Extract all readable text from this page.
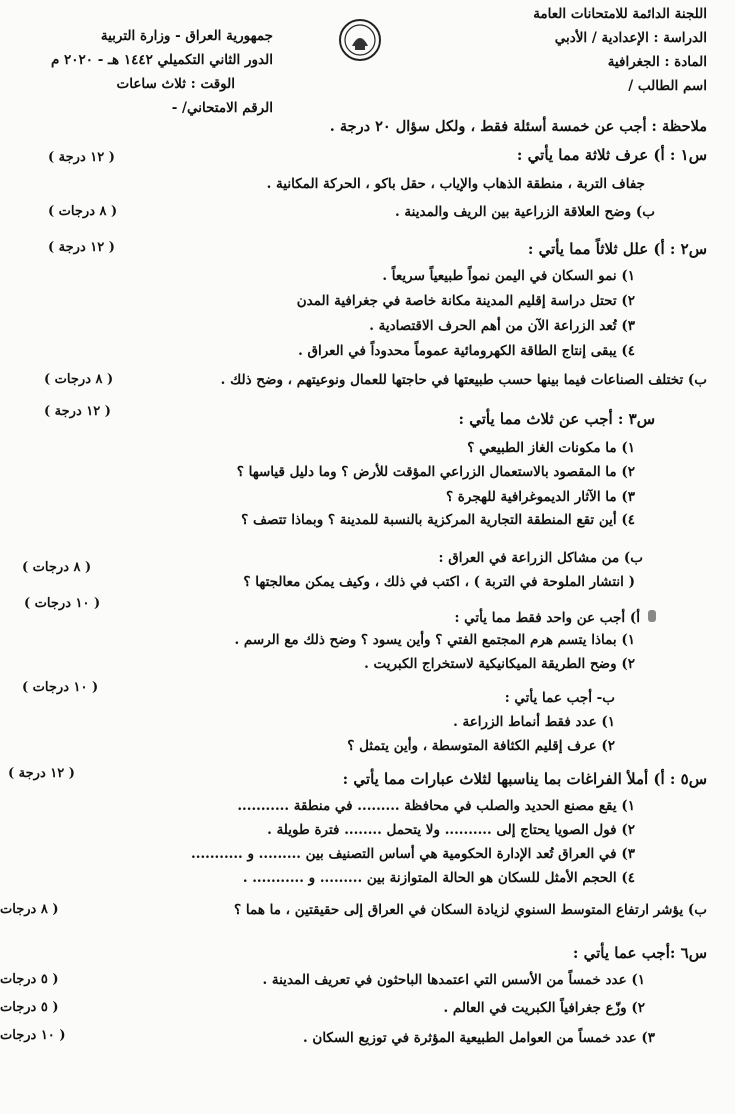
اللجنة الدائمة للامتحانات العامة
الدراسة : الإعدادية / الأدبي
المادة : الجغرافية
اسم الطالب /
جمهورية العراق - وزارة التربية
الدور الثاني التكميلي ١٤٤٢ هـ - ٢٠٢٠ م
الوقت : ثلاث ساعات
الرقم الامتحاني/ -
ملاحظة : أجب عن خمسة أسئلة فقط ، ولكل سؤال ٢٠ درجة .
س١ : أ) عرف ثلاثة مما يأتي :
( ١٢ درجة )
جفاف التربة ، منطقة الذهاب والإياب ، حقل باكو ، الحركة المكانية .
ب) وضح العلاقة الزراعية بين الريف والمدينة .
( ٨ درجات )
س٢ : أ) علل ثلاثاً مما يأتي :
( ١٢ درجة )
١) نمو السكان في اليمن نمواً طبيعياً سريعاً .
٢) تحتل دراسة إقليم المدينة مكانة خاصة في جغرافية المدن
٣) تُعد الزراعة الآن من أهم الحرف الاقتصادية .
٤) يبقى إنتاج الطاقة الكهرومائية عموماً محدوداً في العراق .
ب) تختلف الصناعات فيما بينها حسب طبيعتها في حاجتها للعمال ونوعيتهم ، وضح ذلك .
( ٨ درجات )
( ١٢ درجة )	س٣ : أجب عن ثلاث مما يأتي :
١) ما مكونات الغاز الطبيعي ؟
٢) ما المقصود بالاستعمال الزراعي المؤقت للأرض ؟ وما دليل قياسها ؟
٣) ما الآثار الديموغرافية للهجرة ؟
٤) أين تقع المنطقة التجارية المركزية بالنسبة للمدينة ؟ وبماذا تتصف ؟
ب) من مشاكل الزراعة في العراق :
( انتشار الملوحة في التربة ) ، اكتب في ذلك ، وكيف يمكن معالجتها ؟
( ٨ درجات )
( ١٠ درجات )
أ) أجب عن واحد فقط مما يأتي :
١) بماذا يتسم هرم المجتمع الفتي ؟ وأين يسود ؟ وضح ذلك مع الرسم .
٢) وضح الطريقة الميكانيكية لاستخراج الكبريت .
( ١٠ درجات )
ب- أجب عما يأتي :
١) عدد فقط أنماط الزراعة .
٢) عرف إقليم الكثافة المتوسطة ، وأين يتمثل ؟
س٥ : أ) أملأ الفراغات بما يناسبها لثلاث عبارات مما يأتي :
( ١٢ درجة )
١) يقع مصنع الحديد والصلب في محافظة ......... في منطقة ...........
٢) فول الصويا يحتاج إلى .......... ولا يتحمل ........ فترة طويلة .
٣) في العراق تُعد الإدارة الحكومية هي أساس التصنيف بين ......... و ...........
٤) الحجم الأمثل للسكان هو الحالة المتوازنة بين ......... و ........... .
ب) يؤشر ارتفاع المتوسط السنوي لزيادة السكان في العراق إلى حقيقتين ، ما هما ؟
( ٨ درجات
س٦ :أجب عما يأتي :
١) عدد خمساً من الأسس التي اعتمدها الباحثون في تعريف المدينة .
( ٥ درجات
٢) وزّع جغرافياً الكبريت في العالم .
( ٥ درجات
٣) عدد خمساً من العوامل الطبيعية المؤثرة في توزيع السكان .
( ١٠ درجات
